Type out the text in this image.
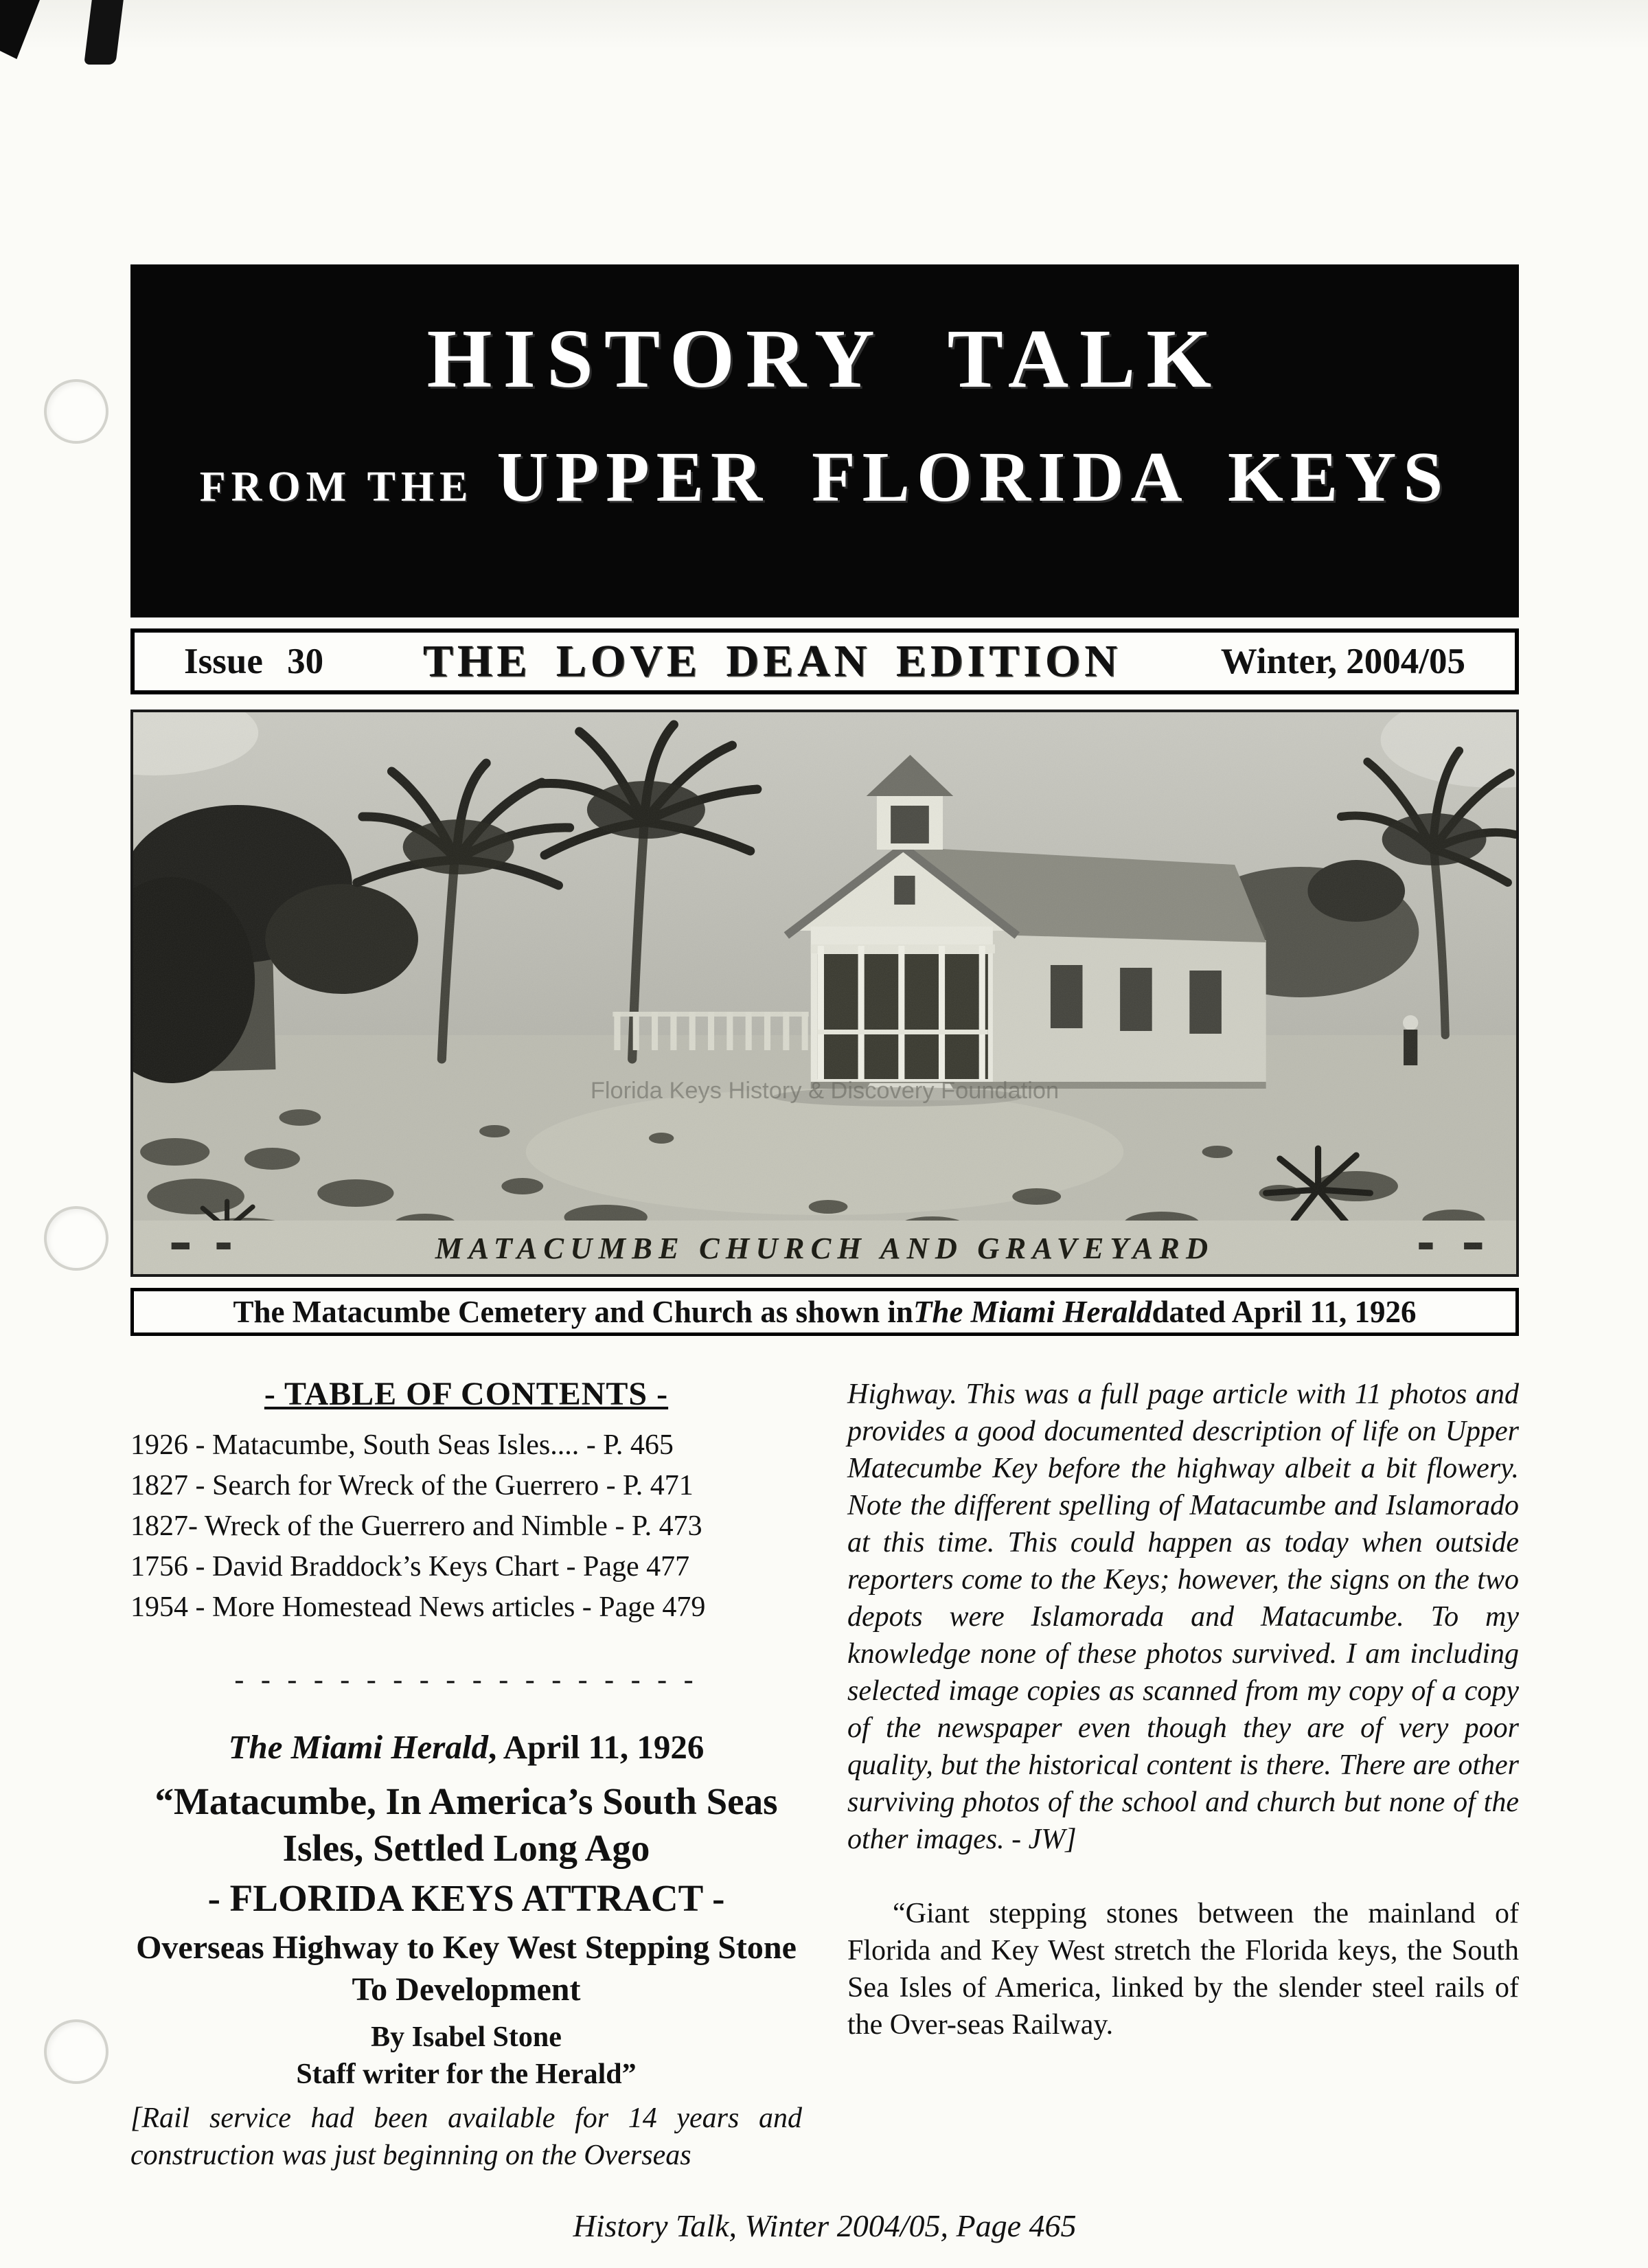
HISTORY TALK
FROM THE UPPER FLORIDA KEYS
Issue 30 THE LOVE DEAN EDITION	Winter, 2004/05
Florida Keys History & Discovery Foundation
MATACUMBE CHURCH AND GRAVEYARD
The Matacumbe Cemetery and Church as shown in The Miami Herald dated April 11, 1926
- TABLE OF CONTENTS -
1926 - Matacumbe, South Seas Isles.... - P. 465
1827 - Search for Wreck of the Guerrero - P. 471
1827- Wreck of the Guerrero and Nimble - P. 473
1756 - David Braddock’s Keys Chart - Page 477
1954 - More Homestead News articles - Page 479
- - - - - - - - - - - - - - - - - -
The Miami Herald, April 11, 1926
“Matacumbe, In America’s South Seas Isles, Settled Long Ago
- FLORIDA KEYS ATTRACT -
Overseas Highway to Key West Stepping Stone To Development
By Isabel Stone
Staff writer for the Herald”
[Rail service had been available for 14 years and construction was just beginning on the Overseas
Highway. This was a full page article with 11 photos and provides a good documented description of life on Upper Matecumbe Key before the highway albeit a bit flowery. Note the different spelling of Matacumbe and Islamorado at this time. This could happen as today when outside reporters come to the Keys; however, the signs on the two depots were Islamorada and Matacumbe. To my knowledge none of these photos survived. I am including selected image copies as scanned from my copy of a copy of the newspaper even though they are of very poor quality, but the historical content is there. There are other surviving photos of the school and church but none of the other images. - JW]
“Giant stepping stones between the mainland of Florida and Key West stretch the Florida keys, the South Sea Isles of America, linked by the slender steel rails of the Over-seas Railway.
History Talk, Winter 2004/05, Page 465
